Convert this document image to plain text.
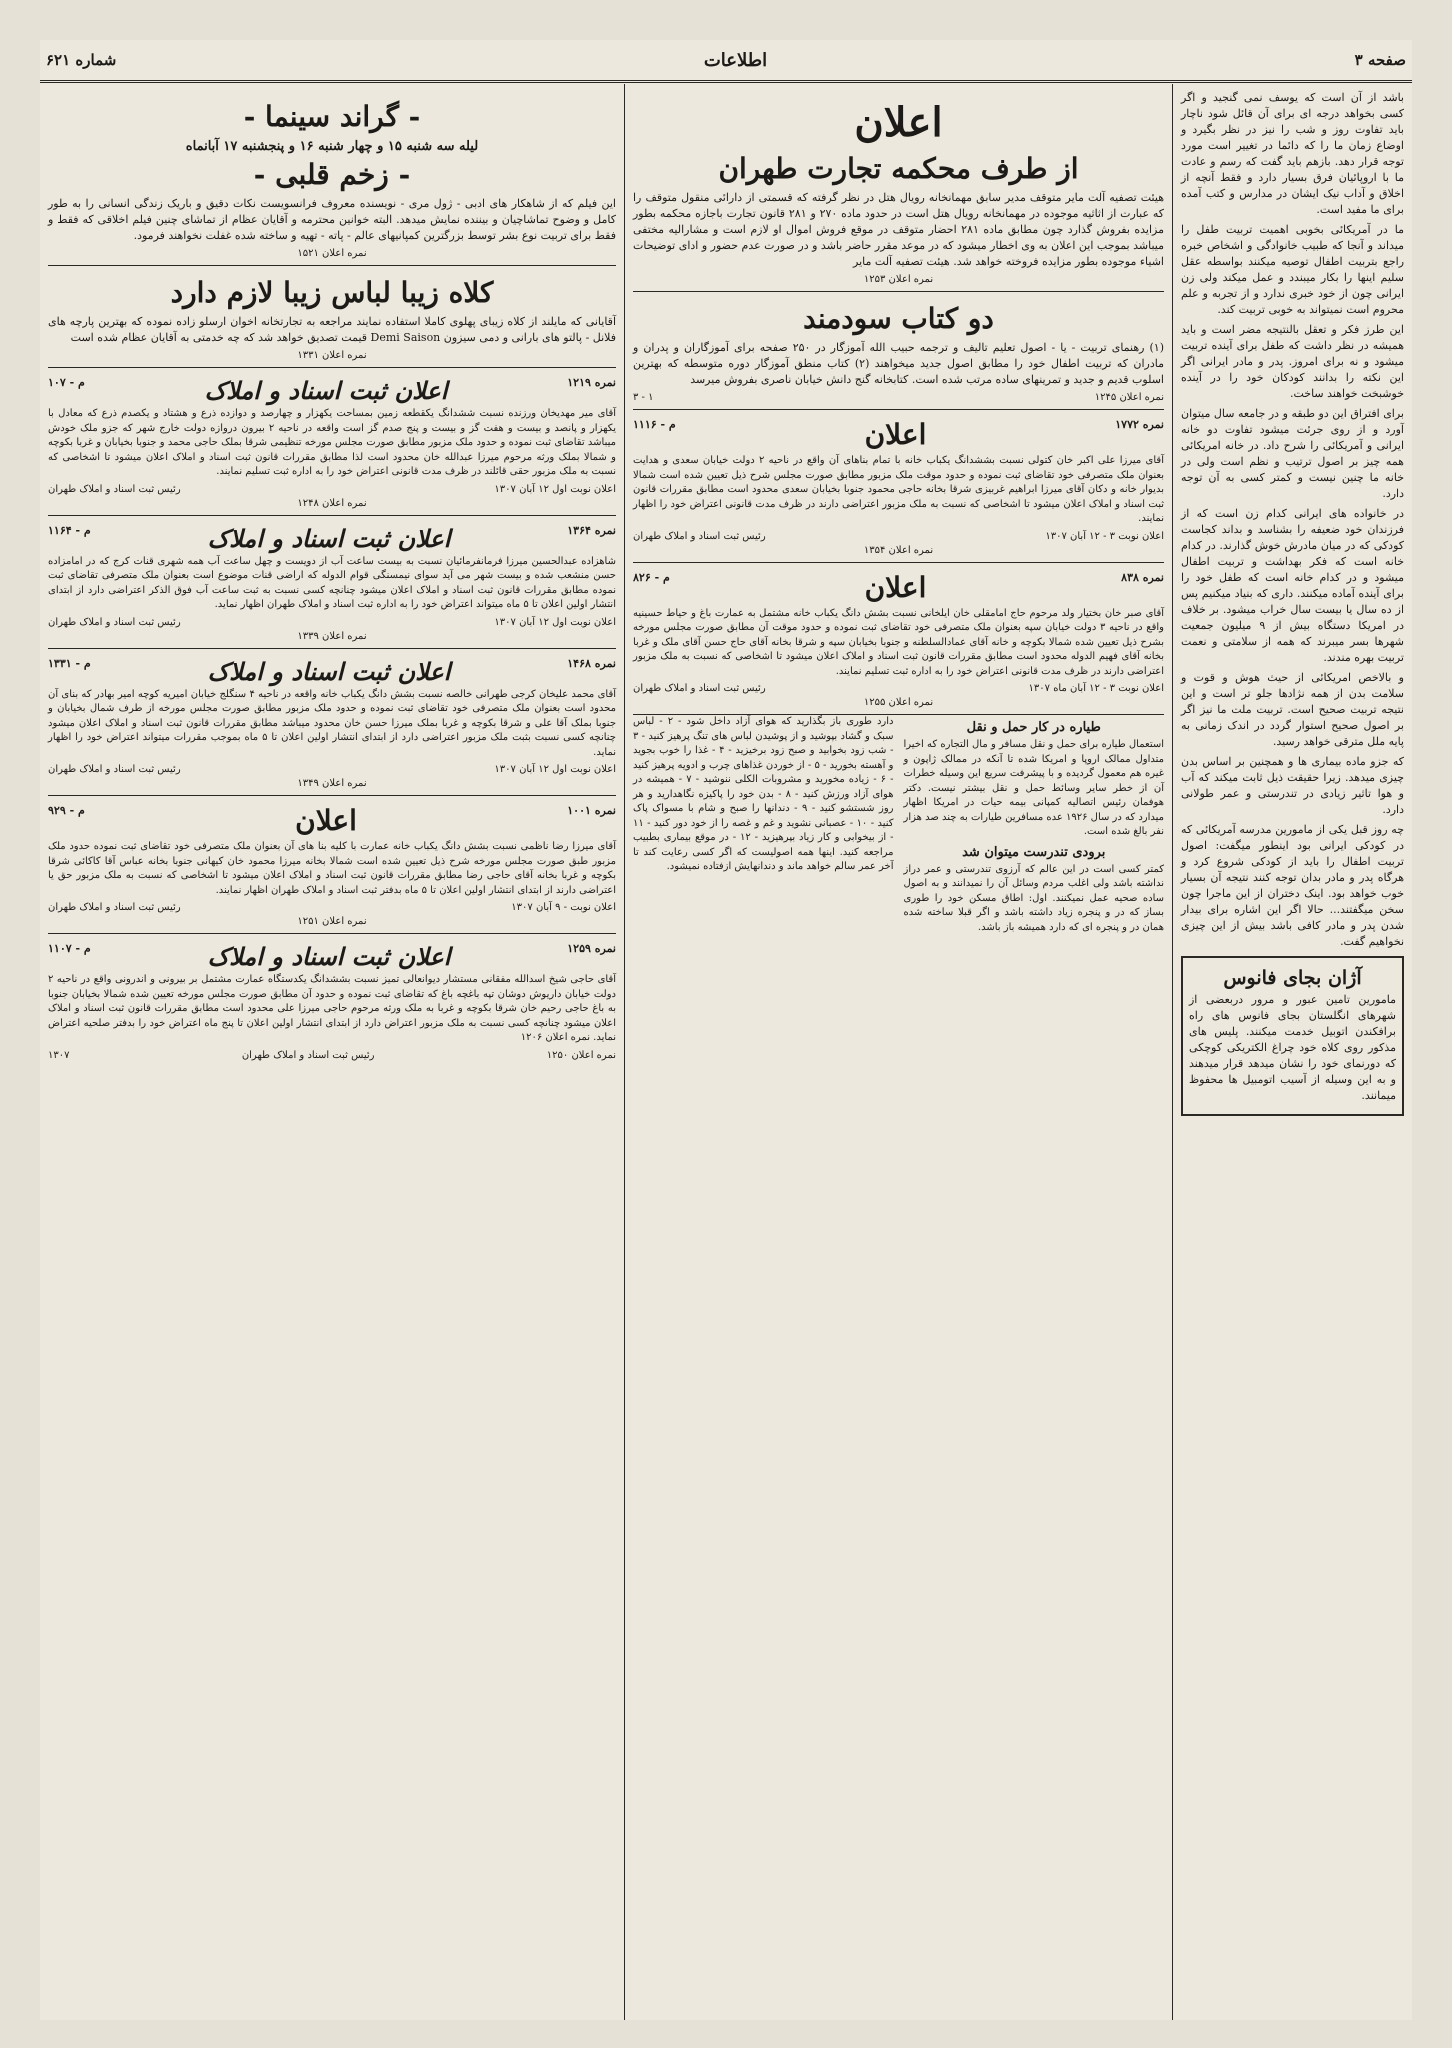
صفحه ۳
اطلاعات
شماره ۶۲۱

باشد از آن است که یوسف نمی گنجید و اگر کسی بخواهد درجه ای برای آن قائل شود ناچار باید تفاوت روز و شب را نیز در نظر بگیرد و اوضاع زمان ما را که دائما در تغییر است مورد توجه قرار دهد. بازهم باید گفت که رسم و عادت ما با اروپائیان فرق بسیار دارد و فقط آنچه از اخلاق و آداب نیک ایشان در مدارس و کتب آمده برای ما مفید است.

ما در آمریکائی بخوبی اهمیت تربیت طفل را میداند و آنجا که طبیب خانوادگی و اشخاص خبره راجع بتربیت اطفال توصیه میکنند بواسطه عقل سلیم اینها را بکار میبندد و عمل میکند ولی زن ایرانی چون از خود خبری ندارد و از تجربه و علم محروم است نمیتواند به خوبی تربیت کند.

این طرز فکر و تعقل بالنتیجه مضر است و باید همیشه در نظر داشت که طفل برای آینده تربیت میشود و نه برای امروز. پدر و مادر ایرانی اگر این نکته را بدانند کودکان خود را در آینده خوشبخت خواهند ساخت.

برای افتراق این دو طبقه و در جامعه سال میتوان آورد و از روی جرئت میشود تفاوت دو خانه ایرانی و آمریکائی را شرح داد. در خانه امریکائی همه چیز بر اصول ترتیب و نظم است ولی در خانه ما چنین نیست و کمتر کسی به آن توجه دارد.

در خانواده های ایرانی کدام زن است که از فرزندان خود ضعیفه را بشناسد و بداند کجاست کودکی که در میان مادرش خوش گذارند. در کدام خانه است که فکر بهداشت و تربیت اطفال میشود و در کدام خانه است که طفل خود را برای آینده آماده میکنند. داری که بنیاد میکنیم پس از ده سال یا بیست سال خراب میشود. بر خلاف در امریکا دستگاه بیش از ۹ میلیون جمعیت شهرها بسر میبرند که همه از سلامتی و نعمت تربیت بهره مندند.

و بالاخص امریکائی از حیث هوش و قوت و سلامت بدن از همه نژادها جلو تر است و این نتیجه تربیت صحیح است. تربیت ملت ما نیز اگر بر اصول صحیح استوار گردد در اندک زمانی به پایه ملل مترقی خواهد رسید.

که جزو ماده بیماری ها و همچنین بر اساس بدن چیزی میدهد. زیرا حقیقت ذیل ثابت میکند که آب و هوا تاثیر زیادی در تندرستی و عمر طولانی دارد.

چه روز قبل یکی از مامورین مدرسه آمریکائی که در کودکی ایرانی بود اینطور میگفت: اصول تربیت اطفال را باید از کودکی شروع کرد و هرگاه پدر و مادر بدان توجه کنند نتیجه آن بسیار خوب خواهد بود. اینک دختران از این ماجرا چون سخن میگفتند... حالا اگر این اشاره برای بیدار شدن پدر و مادر کافی باشد بیش از این چیزی نخواهیم گفت.

آژان بجای فانوس

مامورین تامین عبور و مرور دربعضی از شهرهای انگلستان بجای فانوس های راه برافکندن اتوبیل خدمت میکنند. پلیس های مذکور روی کلاه خود چراغ الکتریکی کوچکی که دورنمای خود را نشان میدهد قرار میدهند و به این وسیله از آسیب اتومبیل ها محفوظ میمانند.

اعلان
از طرف محکمه تجارت طهران

هیئت تصفیه آلت مایر متوقف مدیر سابق مهمانخانه رویال هتل در نظر گرفته که قسمتی از دارائی منقول متوقف را که عبارت از اثاثیه موجوده در مهمانخانه رویال هتل است در حدود ماده ۲۷۰ و ۲۸۱ قانون تجارت باجازه محکمه بطور مزایده بفروش گذارد چون مطابق ماده ۲۸۱ احضار متوقف در موقع فروش اموال او لازم است و مشارالیه مختفی میباشد بموجب این اعلان به وی اخطار میشود که در موعد مقرر حاضر باشد و در صورت عدم حضور و ادای توضیحات اشیاء موجوده بطور مزایده فروخته خواهد شد. هیئت تصفیه آلت مایر

نمره اعلان ۱۲۵۳
دو کتاب سودمند

(۱) رهنمای تربیت - یا - اصول تعلیم تالیف و ترجمه حبیب الله آموزگار در ۲۵۰ صفحه برای آموزگاران و پدران و مادران که تربیت اطفال خود را مطابق اصول جدید میخواهند (۲) کتاب منطق آموزگار دوره متوسطه که بهترین اسلوب قدیم و جدید و تمرینهای ساده مرتب شده است. کتابخانه گنج دانش خیابان ناصری بفروش میرسد

نمره اعلان ۱۲۴۵
۱ - ۳
نمره ۱۷۷۲
اعلان
م - ۱۱۱۶

آقای میرزا علی اکبر خان کتولی نسبت بششدانگ یکباب خانه با تمام بناهای آن واقع در ناحیه ۲ دولت خیابان سعدی و هدایت بعنوان ملک متصرفی خود تقاضای ثبت نموده و حدود موقت ملک مزبور مطابق صورت مجلس شرح ذیل تعیین شده است شمالا بدیوار خانه و دکان آقای میرزا ابراهیم غربیزی شرقا بخانه حاجی محمود جنوبا بخیابان سعدی محدود است مطابق مقررات قانون ثبت اسناد و املاک اعلان میشود تا اشخاصی که نسبت به ملک مزبور اعتراضی دارند در ظرف مدت قانونی اعتراض خود را اظهار نمایند.

اعلان نوبت ۳ - ۱۲ آبان ۱۳۰۷
رئیس ثبت اسناد و املاک طهران
نمره اعلان ۱۳۵۴
نمره ۸۳۸
اعلان
م - ۸۲۶

آقای صبر خان بختیار ولد مرحوم حاج امامقلی خان ایلخانی نسبت بشش دانگ یکباب خانه مشتمل به عمارت باغ و حیاط حسینیه واقع در ناحیه ۳ دولت خیابان سپه بعنوان ملک متصرفی خود تقاضای ثبت نموده و حدود موقت آن مطابق صورت مجلس مورخه بشرح ذیل تعیین شده شمالا بکوچه و خانه آقای عمادالسلطنه و جنوبا بخیابان سپه و شرقا بخانه آقای حاج حسن آقای ملک و غربا بخانه آقای فهیم الدوله محدود است مطابق مقررات قانون ثبت اسناد و املاک اعلان میشود تا اشخاصی که نسبت به ملک مزبور اعتراضی دارند در ظرف مدت قانونی اعتراض خود را به اداره ثبت تسلیم نمایند.

اعلان نوبت ۳ - ۱۲ آبان ماه ۱۳۰۷
رئیس ثبت اسناد و املاک طهران
نمره اعلان ۱۲۵۵
طیاره در کار حمل و نقل

استعمال طیاره برای حمل و نقل مسافر و مال التجاره که اخیرا متداول ممالک اروپا و امریکا شده تا آنکه در ممالک ژاپون و غیره هم معمول گردیده و با پیشرفت سریع این وسیله خطرات آن از خطر سایر وسائط حمل و نقل بیشتر نیست. دکتر هوفمان رئیس اتصالیه کمپانی بیمه حیات در امریکا اظهار میدارد که در سال ۱۹۲۶ عده مسافرین طیارات به چند صد هزار نفر بالغ شده است.

برودی تندرست میتوان شد

کمتر کسی است در این عالم که آرزوی تندرستی و عمر دراز نداشته باشد ولی اغلب مردم وسائل آن را نمیدانند و به اصول ساده صحیه عمل نمیکنند. اول: اطاق مسکن خود را طوری بساز که در و پنجره زیاد داشته باشد و اگر قبلا ساخته شده همان در و پنجره ای که دارد همیشه باز باشد.

دارد طوری باز بگذارید که هوای آزاد داخل شود - ۲ - لباس سبک و گشاد بپوشید و از پوشیدن لباس های تنگ پرهیز کنید - ۳ - شب زود بخوابید و صبح زود برخیزید - ۴ - غذا را خوب بجوید و آهسته بخورید - ۵ - از خوردن غذاهای چرب و ادویه پرهیز کنید - ۶ - زیاده مخورید و مشروبات الکلی ننوشید - ۷ - همیشه در هوای آزاد ورزش کنید - ۸ - بدن خود را پاکیزه نگاهدارید و هر روز شستشو کنید - ۹ - دندانها را صبح و شام با مسواک پاک کنید - ۱۰ - عصبانی نشوید و غم و غصه را از خود دور کنید - ۱۱ - از بیخوابی و کار زیاد بپرهیزید - ۱۲ - در موقع بیماری بطبیب مراجعه کنید. اینها همه اصولیست که اگر کسی رعایت کند تا آخر عمر سالم خواهد ماند و دندانهایش ازفتاده نمیشود.

- گراند سینما -
لیله سه شنبه ۱۵ و چهار شنبه ۱۶ و پنجشنبه ۱۷ آبانماه
- زخم قلبی -

این فیلم که از شاهکار های ادبی - ژول مری - نویسنده معروف فرانسویست نکات دقیق و باریک زندگی انسانی را به طور کامل و وضوح تماشاچیان و بیننده نمایش میدهد. البته خوانین محترمه و آقایان عظام از تماشای چنین فیلم اخلاقی که فقط و فقط برای تربیت نوع بشر توسط بزرگترین کمپانیهای عالم - پاته - تهیه و ساخته شده غفلت نخواهند فرمود.

نمره اعلان ۱۵۲۱
کلاه زیبا لباس زیبا لازم دارد

آقایانی که مایلند از کلاه زیبای پهلوی کاملا استفاده نمایند مراجعه به تجارتخانه اخوان ارسلو زاده نموده که بهترین پارچه های فلانل - پالتو های بارانی و دمی سیزون Demi Saison قیمت تصدیق خواهد شد که چه خدمتی به آقایان عظام شده است

نمره اعلان ۱۳۳۱
نمره ۱۲۱۹
اعلان ثبت اسناد و املاک
م - ۱۰۷

آقای میر مهدیخان ورزنده نسبت ششدانگ یکقطعه زمین بمساحت یکهزار و چهارصد و دوازده ذرع و هشتاد و یکصدم ذرع که معادل با یکهزار و پانصد و بیست و هفت گز و بیست و پنج صدم گز است واقعه در ناحیه ۲ بیرون دروازه دولت خارج شهر که جزو ملک خودش میباشد تقاضای ثبت نموده و حدود ملک مزبور مطابق صورت مجلس مورخه تنظیمی شرقا بملک حاجی محمد و جنوبا بخیابان و غربا بکوچه و شمالا بملک ورثه مرحوم میرزا عبدالله خان محدود است لذا مطابق مقررات قانون ثبت اسناد و املاک اعلان میشود تا اشخاصی که نسبت به ملک مزبور حقی قائلند در ظرف مدت قانونی اعتراض خود را به اداره ثبت تسلیم نمایند.

اعلان نوبت اول ۱۲ آبان ۱۳۰۷
رئیس ثبت اسناد و املاک طهران
نمره اعلان ۱۲۴۸
نمره ۱۳۶۴
اعلان ثبت اسناد و املاک
م - ۱۱۶۴

شاهزاده عبدالحسین میرزا فرمانفرمائیان نسبت به بیست ساعت آب از دویست و چهل ساعت آب همه شهری قنات کرج که در امامزاده حسن منشعب شده و بیست شهر می آید سوای نیمسنگی قوام الدوله که اراضی قنات موضوع است بعنوان ملک متصرفی تقاضای ثبت نموده مطابق مقررات قانون ثبت اسناد و املاک اعلان میشود چنانچه کسی نسبت به ثبت ساعت آب فوق الذکر اعتراضی دارد از ابتدای انتشار اولین اعلان تا ۵ ماه میتواند اعتراض خود را به اداره ثبت اسناد و املاک طهران اظهار نماید.

اعلان نوبت اول ۱۲ آبان ۱۳۰۷
رئیس ثبت اسناد و املاک طهران
نمره اعلان ۱۳۳۹
نمره ۱۴۶۸
اعلان ثبت اسناد و املاک
م - ۱۳۳۱

آقای محمد علیخان کرجی طهرانی خالصه نسبت بشش دانگ یکباب خانه واقعه در ناحیه ۴ سنگلج خیابان امیریه کوچه امیر بهادر که بنای آن محدود است بعنوان ملک متصرفی خود تقاضای ثبت نموده و حدود ملک مزبور مطابق صورت مجلس مورخه از طرف شمال بخیابان و جنوبا بملک آقا علی و شرقا بکوچه و غربا بملک میرزا حسن خان محدود میباشد مطابق مقررات قانون ثبت اسناد و املاک اعلان میشود چنانچه کسی نسبت بثبت ملک مزبور اعتراضی دارد از ابتدای انتشار اولین اعلان تا ۵ ماه بموجب مقررات میتواند اعتراض خود را اظهار نماید.

اعلان نوبت اول ۱۲ آبان ۱۳۰۷
رئیس ثبت اسناد و املاک طهران
نمره اعلان ۱۳۴۹
نمره ۱۰۰۱
اعلان
م - ۹۲۹

آقای میرزا رضا ناظمی نسبت بشش دانگ یکباب خانه عمارت با کلیه بنا های آن بعنوان ملک متصرفی خود تقاضای ثبت نموده حدود ملک مزبور طبق صورت مجلس مورخه شرح ذیل تعیین شده است شمالا بخانه میرزا محمود خان کیهانی جنوبا بخانه عباس آقا کاکائی شرقا بکوچه و غربا بخانه آقای حاجی رضا مطابق مقررات قانون ثبت اسناد و املاک اعلان میشود تا اشخاصی که نسبت به ملک مزبور حق یا اعتراضی دارند از ابتدای انتشار اولین اعلان تا ۵ ماه بدفتر ثبت اسناد و املاک طهران اظهار نمایند.

اعلان نوبت - ۹ آبان ۱۳۰۷
رئیس ثبت اسناد و املاک طهران
نمره اعلان ۱۲۵۱
نمره ۱۲۵۹
اعلان ثبت اسناد و املاک
م - ۱۱۰۷

آقای حاجی شیخ اسدالله مفقانی مستشار دیوانعالی تمیز نسبت بششدانگ یکدستگاه عمارت مشتمل بر بیرونی و اندرونی واقع در ناحیه ۲ دولت خیابان داریوش دوشان تپه باغچه باغ که تقاضای ثبت نموده و حدود آن مطابق صورت مجلس مورخه تعیین شده شمالا بخیابان جنوبا به باغ حاجی رحیم خان شرقا بکوچه و غربا به ملک ورثه مرحوم حاجی میرزا علی محدود است مطابق مقررات قانون ثبت اسناد و املاک اعلان میشود چنانچه کسی نسبت به ملک مزبور اعتراض دارد از ابتدای انتشار اولین اعلان تا پنج ماه اعتراض خود را بدفتر صلحیه اعتراض نماید. نمره اعلان ۱۲۰۶

نمره اعلان ۱۲۵۰
رئیس ثبت اسناد و املاک طهران
۱۳۰۷
